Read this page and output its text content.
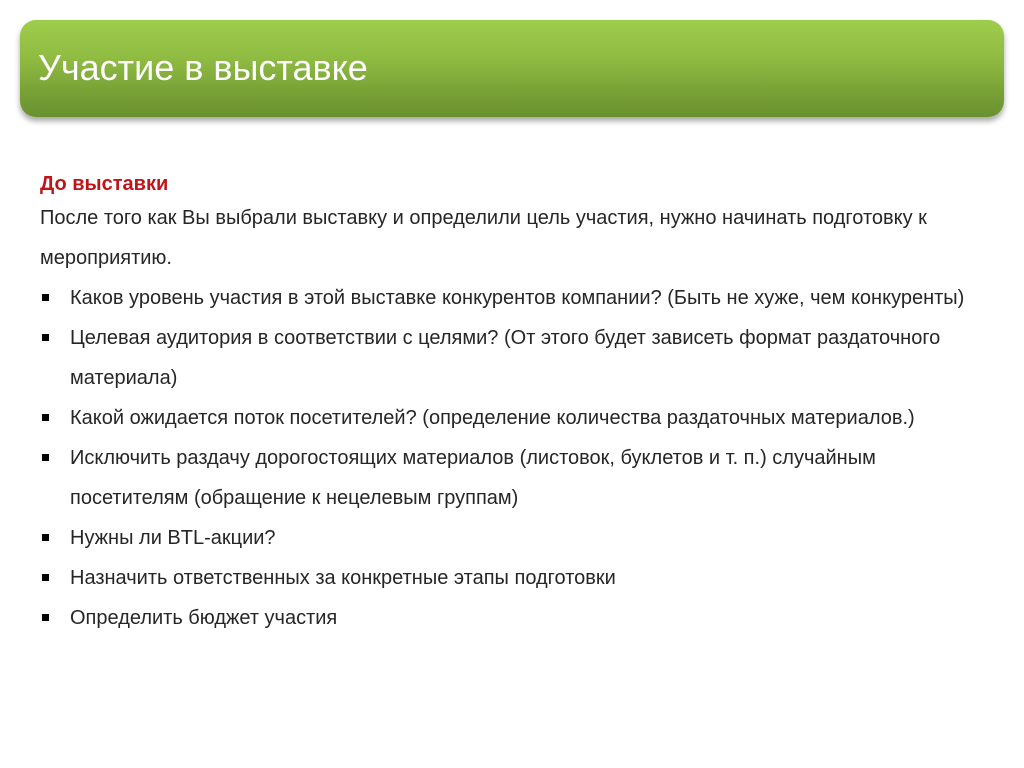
Участие в выставке
До выставки

После того как Вы выбрали выставку и определили цель участия, нужно начинать подготовку к мероприятию.

Каков уровень участия в этой выставке конкурентов компании? (Быть не хуже, чем конкуренты)
Целевая аудитория в соответствии с целями? (От этого будет зависеть формат раздаточного материала)
Какой ожидается поток посетителей? (определение количества раздаточных материалов.)
Исключить раздачу дорогостоящих материалов (листовок, буклетов и т. п.) случайным посетителям (обращение к нецелевым группам)
Нужны ли BTL-акции?
Назначить ответственных за конкретные этапы подготовки
Определить бюджет участия
